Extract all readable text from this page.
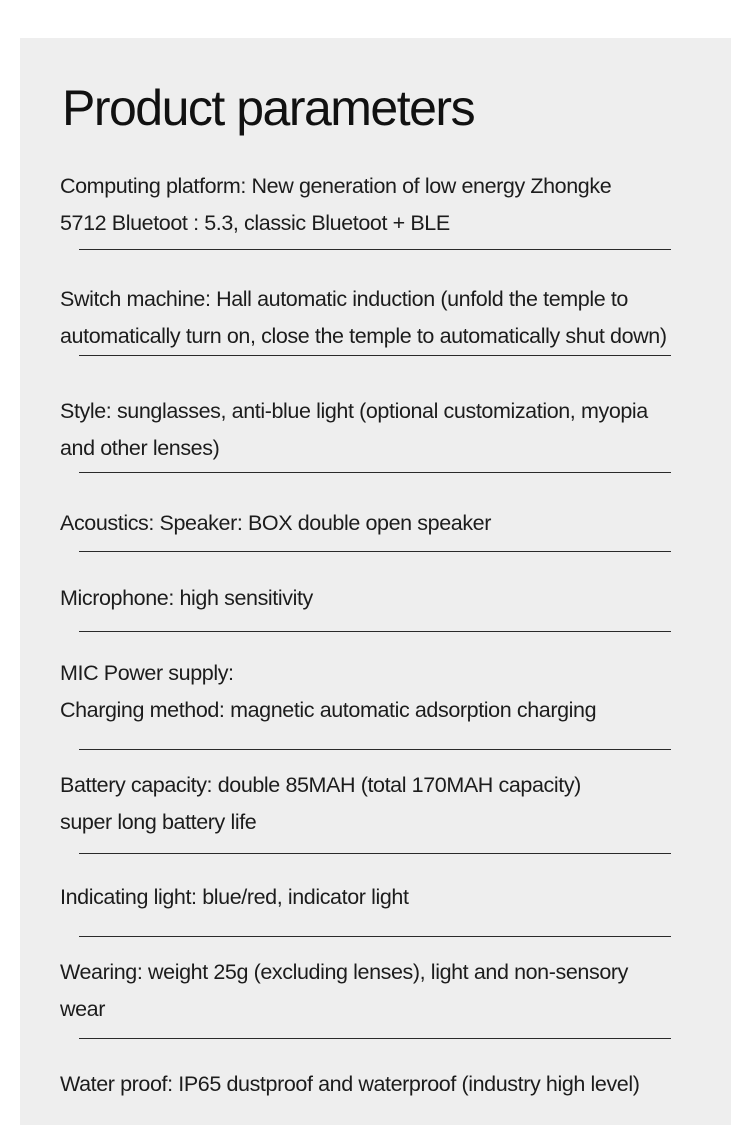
Product parameters
Computing platform: New generation of low energy Zhongke
5712 Bluetoot : 5.3, classic Bluetoot + BLE
Switch machine: Hall automatic induction (unfold the temple to
automatically turn on, close the temple to automatically shut down)
Style: sunglasses, anti-blue light (optional customization, myopia
and other lenses)
Acoustics: Speaker: BOX double open speaker
Microphone: high sensitivity
MIC Power supply:
Charging method: magnetic automatic adsorption charging
Battery capacity: double 85MAH (total 170MAH capacity)
super long battery life
Indicating light: blue/red, indicator light
Wearing: weight 25g (excluding lenses), light and non-sensory
wear
Water proof: IP65 dustproof and waterproof (industry high level)
